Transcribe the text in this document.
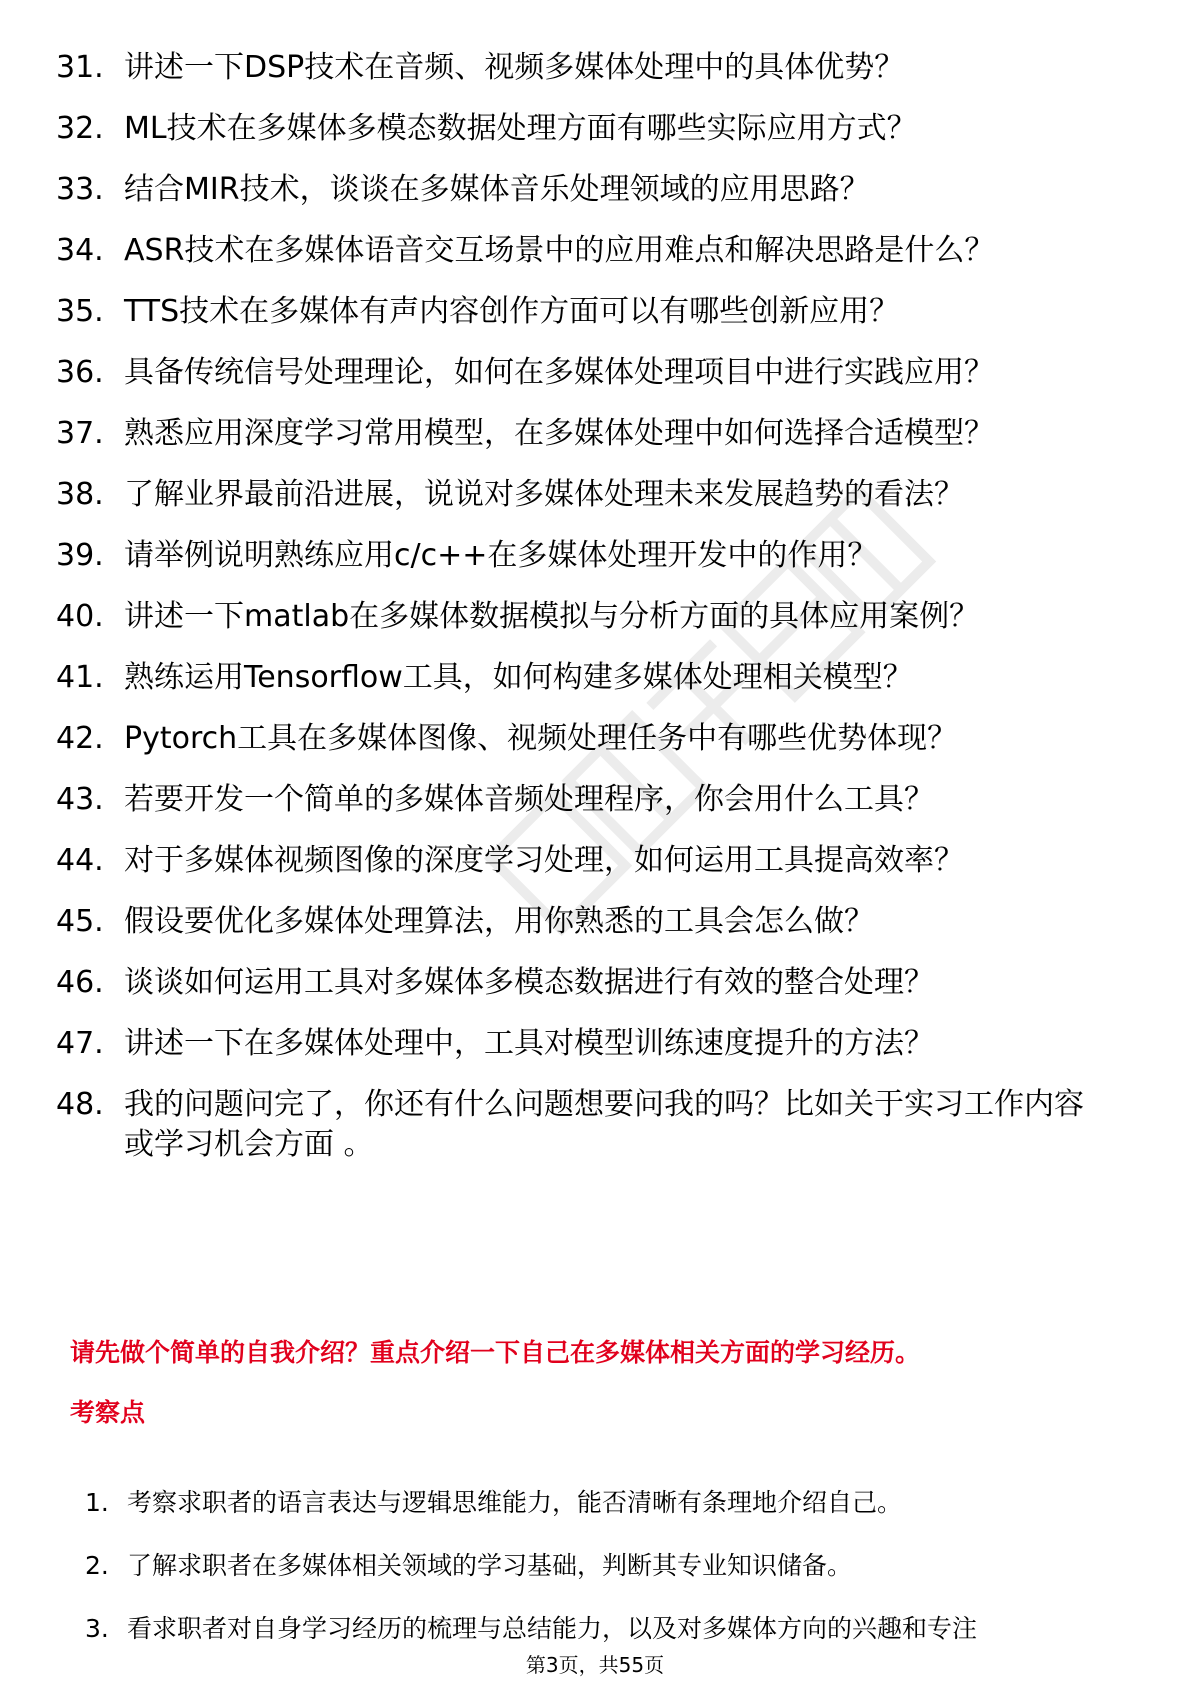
31. 讲述一下DSP技术在音频、视频多媒体处理中的具体优势？
32. ML技术在多媒体多模态数据处理方面有哪些实际应用方式？
33. 结合MIR技术，谈谈在多媒体音乐处理领域的应用思路？
34. ASR技术在多媒体语音交互场景中的应用难点和解决思路是什么？
35. TTS技术在多媒体有声内容创作方面可以有哪些创新应用？
36. 具备传统信号处理理论，如何在多媒体处理项目中进行实践应用？
37. 熟悉应用深度学习常用模型，在多媒体处理中如何选择合适模型？
38. 了解业界最前沿进展，说说对多媒体处理未来发展趋势的看法？
39. 请举例说明熟练应用c/c++在多媒体处理开发中的作用？
40. 讲述一下matlab在多媒体数据模拟与分析方面的具体应用案例？
41. 熟练运用Tensorflow工具，如何构建多媒体处理相关模型？
42. Pytorch工具在多媒体图像、视频处理任务中有哪些优势体现？
43. 若要开发一个简单的多媒体音频处理程序，你会用什么工具？
44. 对于多媒体视频图像的深度学习处理，如何运用工具提高效率？
45. 假设要优化多媒体处理算法，用你熟悉的工具会怎么做？
46. 谈谈如何运用工具对多媒体多模态数据进行有效的整合处理？
47. 讲述一下在多媒体处理中，工具对模型训练速度提升的方法？
48. 我的问题问完了，你还有什么问题想要问我的吗？比如关于实习工作内容或学习机会方面 。
请先做个简单的自我介绍？重点介绍一下自己在多媒体相关方面的学习经历。
考察点
1. 考察求职者的语言表达与逻辑思维能力，能否清晰有条理地介绍自己。
2. 了解求职者在多媒体相关领域的学习基础，判断其专业知识储备。
3. 看求职者对自身学习经历的梳理与总结能力，以及对多媒体方向的兴趣和专注
第3页，共55页
